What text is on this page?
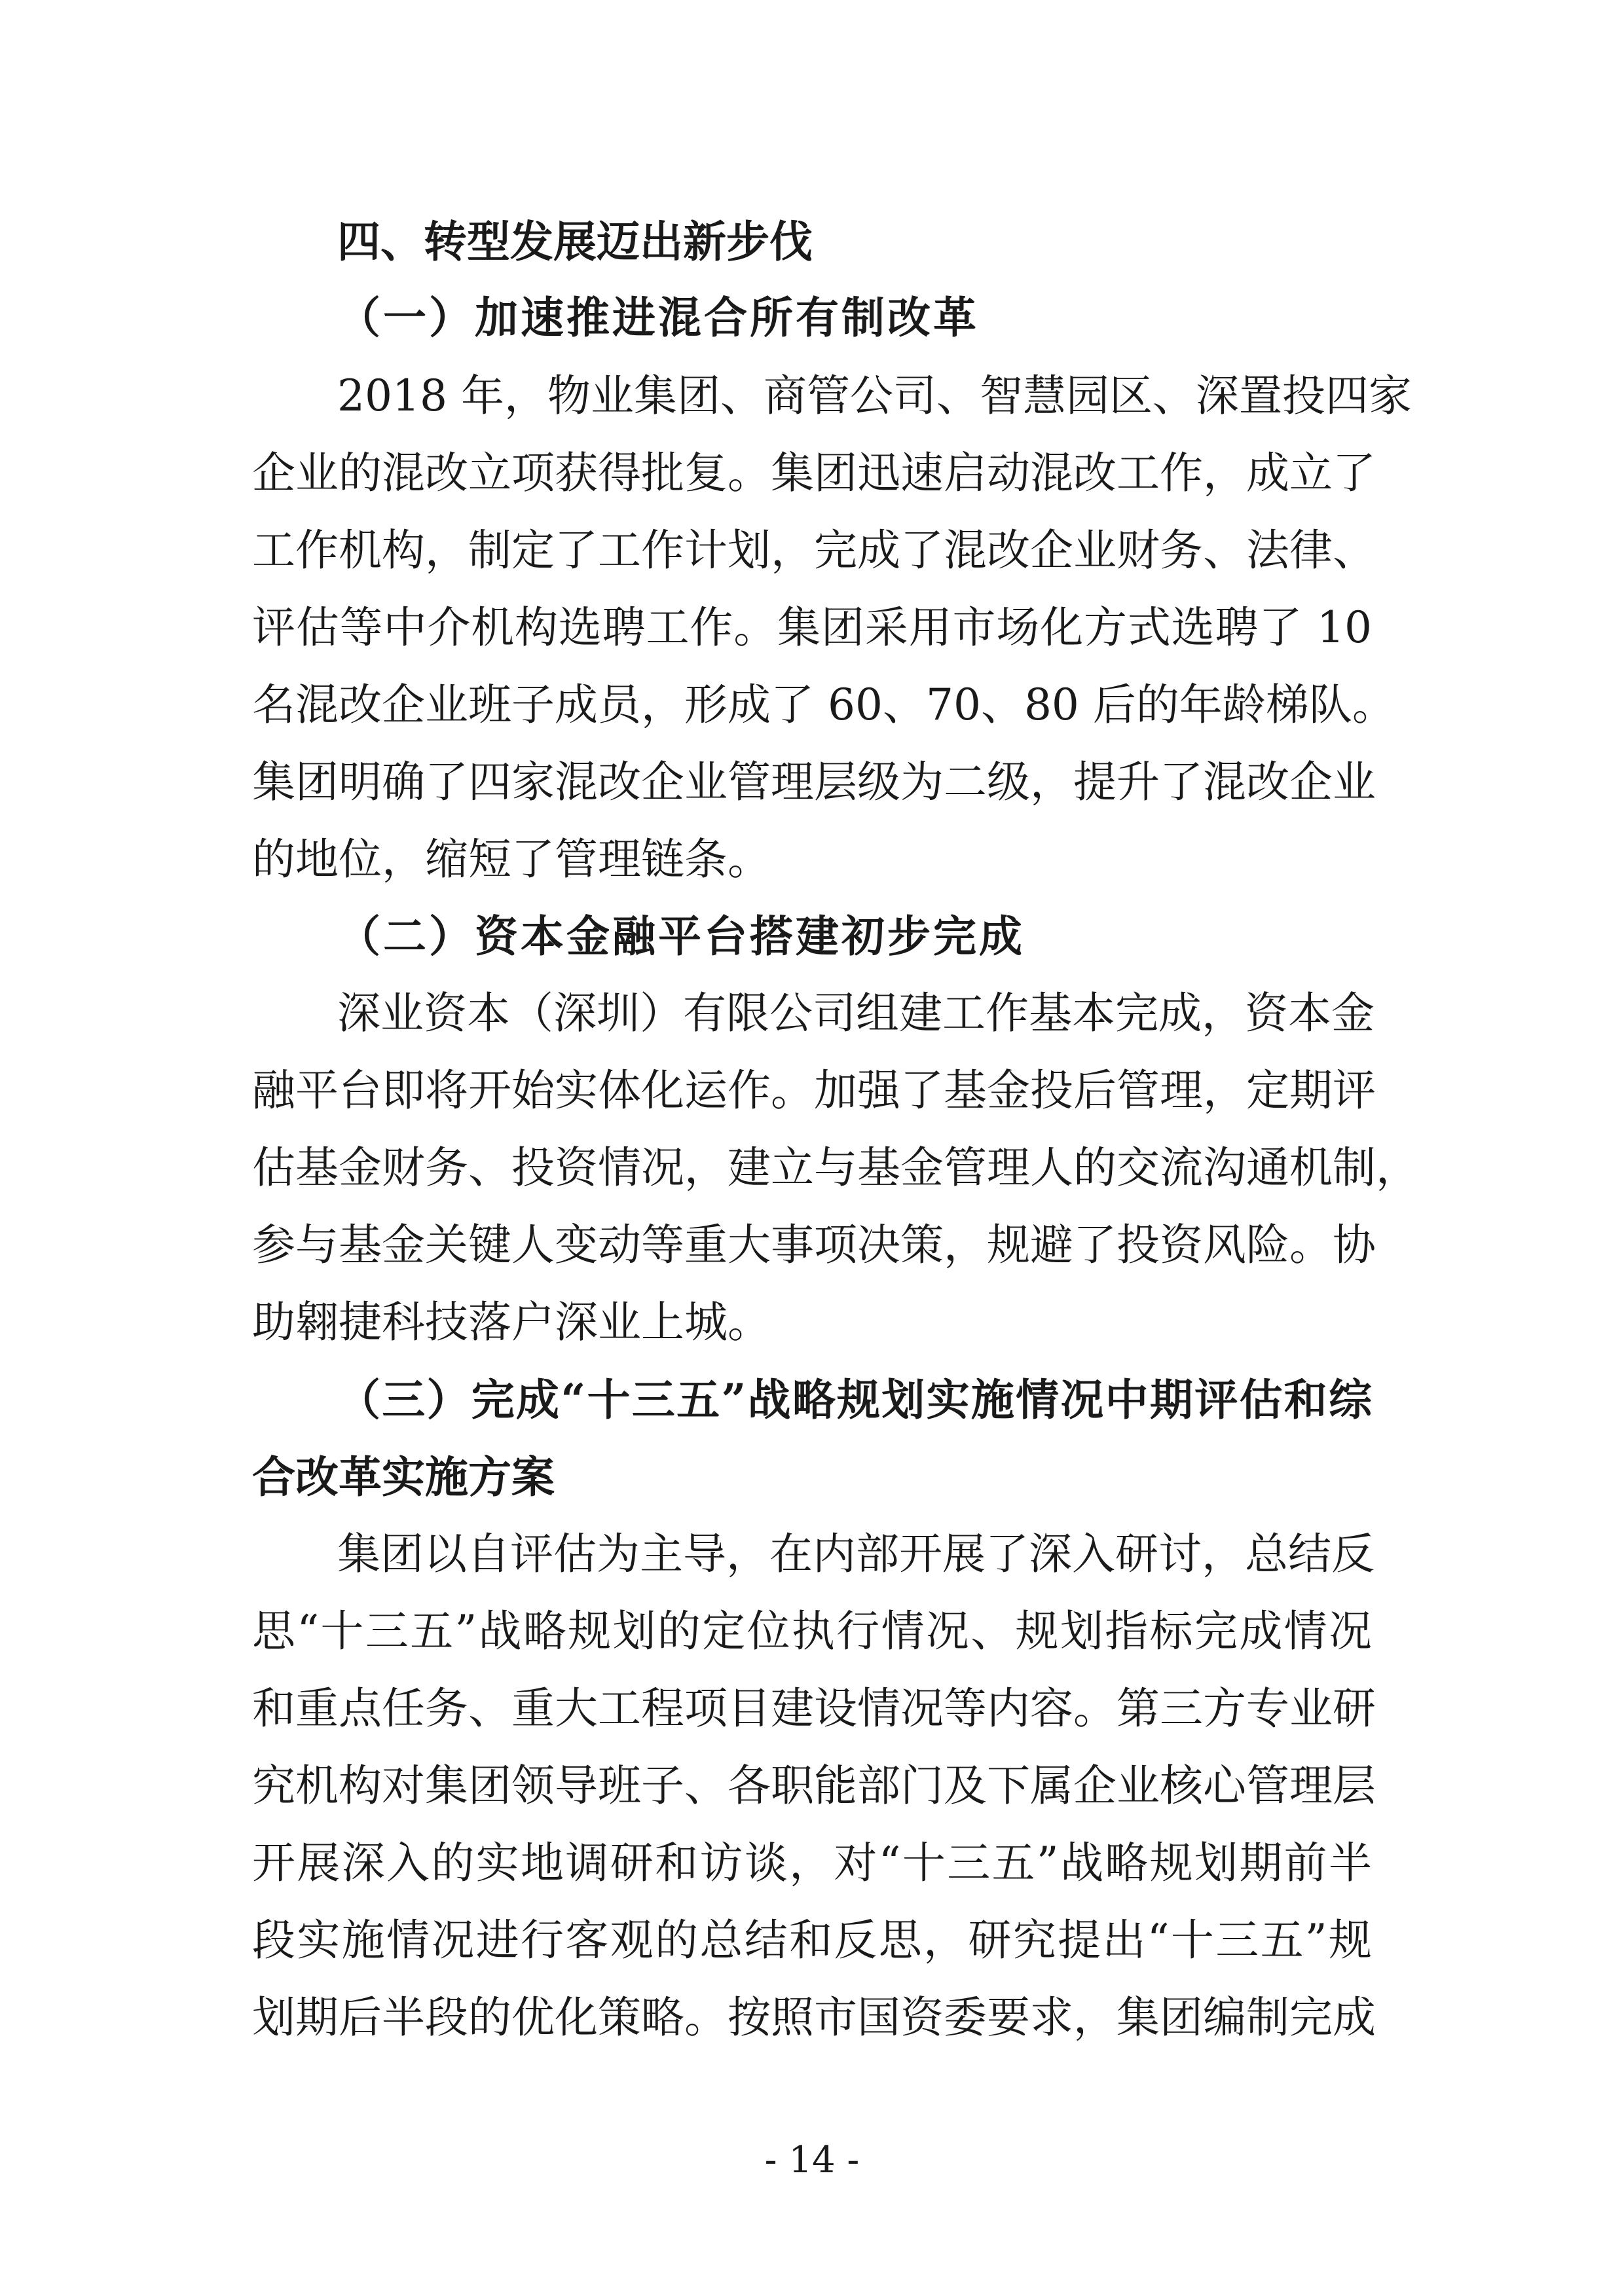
四、转型发展迈出新步伐
（一）加速推进混合所有制改革
2018 年，物业集团、商管公司、智慧园区、深置投四家
企业的混改立项获得批复。集团迅速启动混改工作，成立了
工作机构，制定了工作计划，完成了混改企业财务、法律、
评估等中介机构选聘工作。集团采用市场化方式选聘了 10
名混改企业班子成员，形成了 60、70、80 后的年龄梯队。
集团明确了四家混改企业管理层级为二级，提升了混改企业
的地位，缩短了管理链条。
（二）资本金融平台搭建初步完成
深业资本（深圳）有限公司组建工作基本完成，资本金
融平台即将开始实体化运作。加强了基金投后管理，定期评
估基金财务、投资情况，建立与基金管理人的交流沟通机制，
参与基金关键人变动等重大事项决策，规避了投资风险。协
助翱捷科技落户深业上城。
（三）完成“十三五”战略规划实施情况中期评估和综
合改革实施方案
集团以自评估为主导，在内部开展了深入研讨，总结反
思“十三五”战略规划的定位执行情况、规划指标完成情况
和重点任务、重大工程项目建设情况等内容。第三方专业研
究机构对集团领导班子、各职能部门及下属企业核心管理层
开展深入的实地调研和访谈，对“十三五”战略规划期前半
段实施情况进行客观的总结和反思，研究提出“十三五”规
划期后半段的优化策略。按照市国资委要求，集团编制完成
- 14 -
